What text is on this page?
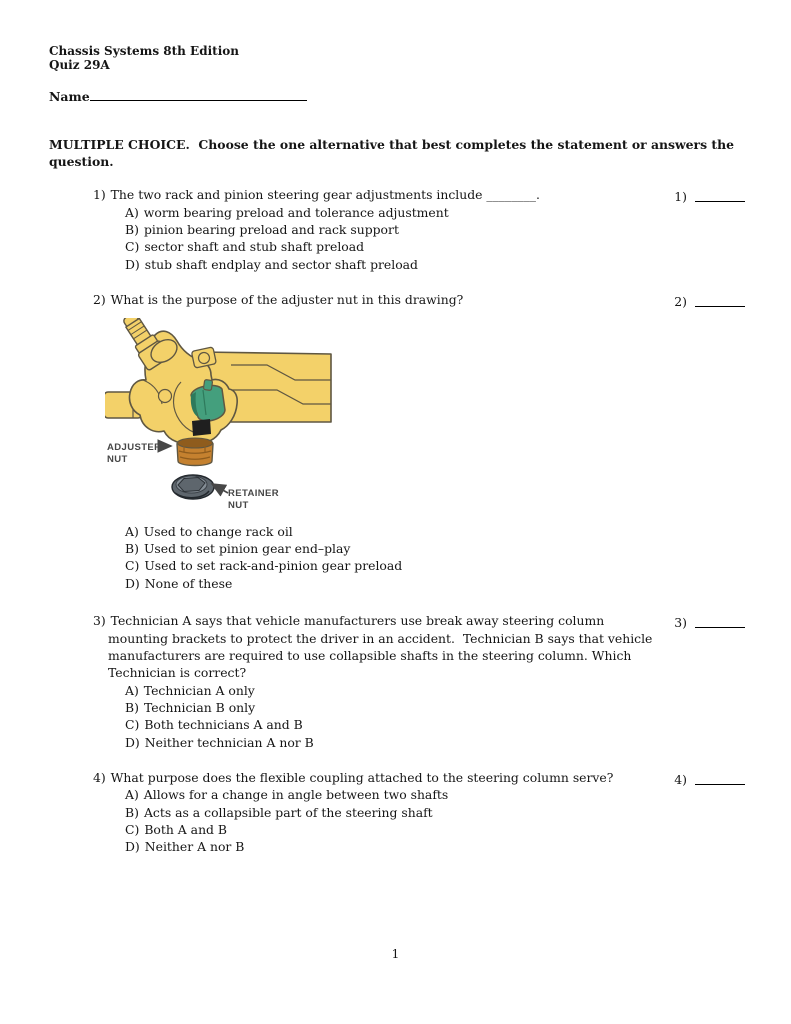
Chassis Systems 8th Edition
Quiz 29A
Name
MULTIPLE CHOICE.  Choose the one alternative that best completes the statement or answers the question.
1) The two rack and pinion steering gear adjustments include ________.
A) worm bearing preload and tolerance adjustment
B) pinion bearing preload and rack support
C) sector shaft and stub shaft preload
D) stub shaft endplay and sector shaft preload
1)
2) What is the purpose of the adjuster nut in this drawing?
ADJUSTER
NUT
RETAINER
NUT
A) Used to change rack oil
B) Used to set pinion gear end–play
C) Used to set rack-and-pinion gear preload
D) None of these
2)
3) Technician A says that vehicle manufacturers use break away steering column mounting brackets to protect the driver in an accident.  Technician B says that vehicle manufacturers are required to use collapsible shafts in the steering column. Which Technician is correct?
A) Technician A only
B) Technician B only
C) Both technicians A and B
D) Neither technician A nor B
3)
4) What purpose does the flexible coupling attached to the steering column serve?
A) Allows for a change in angle between two shafts
B) Acts as a collapsible part of the steering shaft
C) Both A and B
D) Neither A nor B
4)
1
